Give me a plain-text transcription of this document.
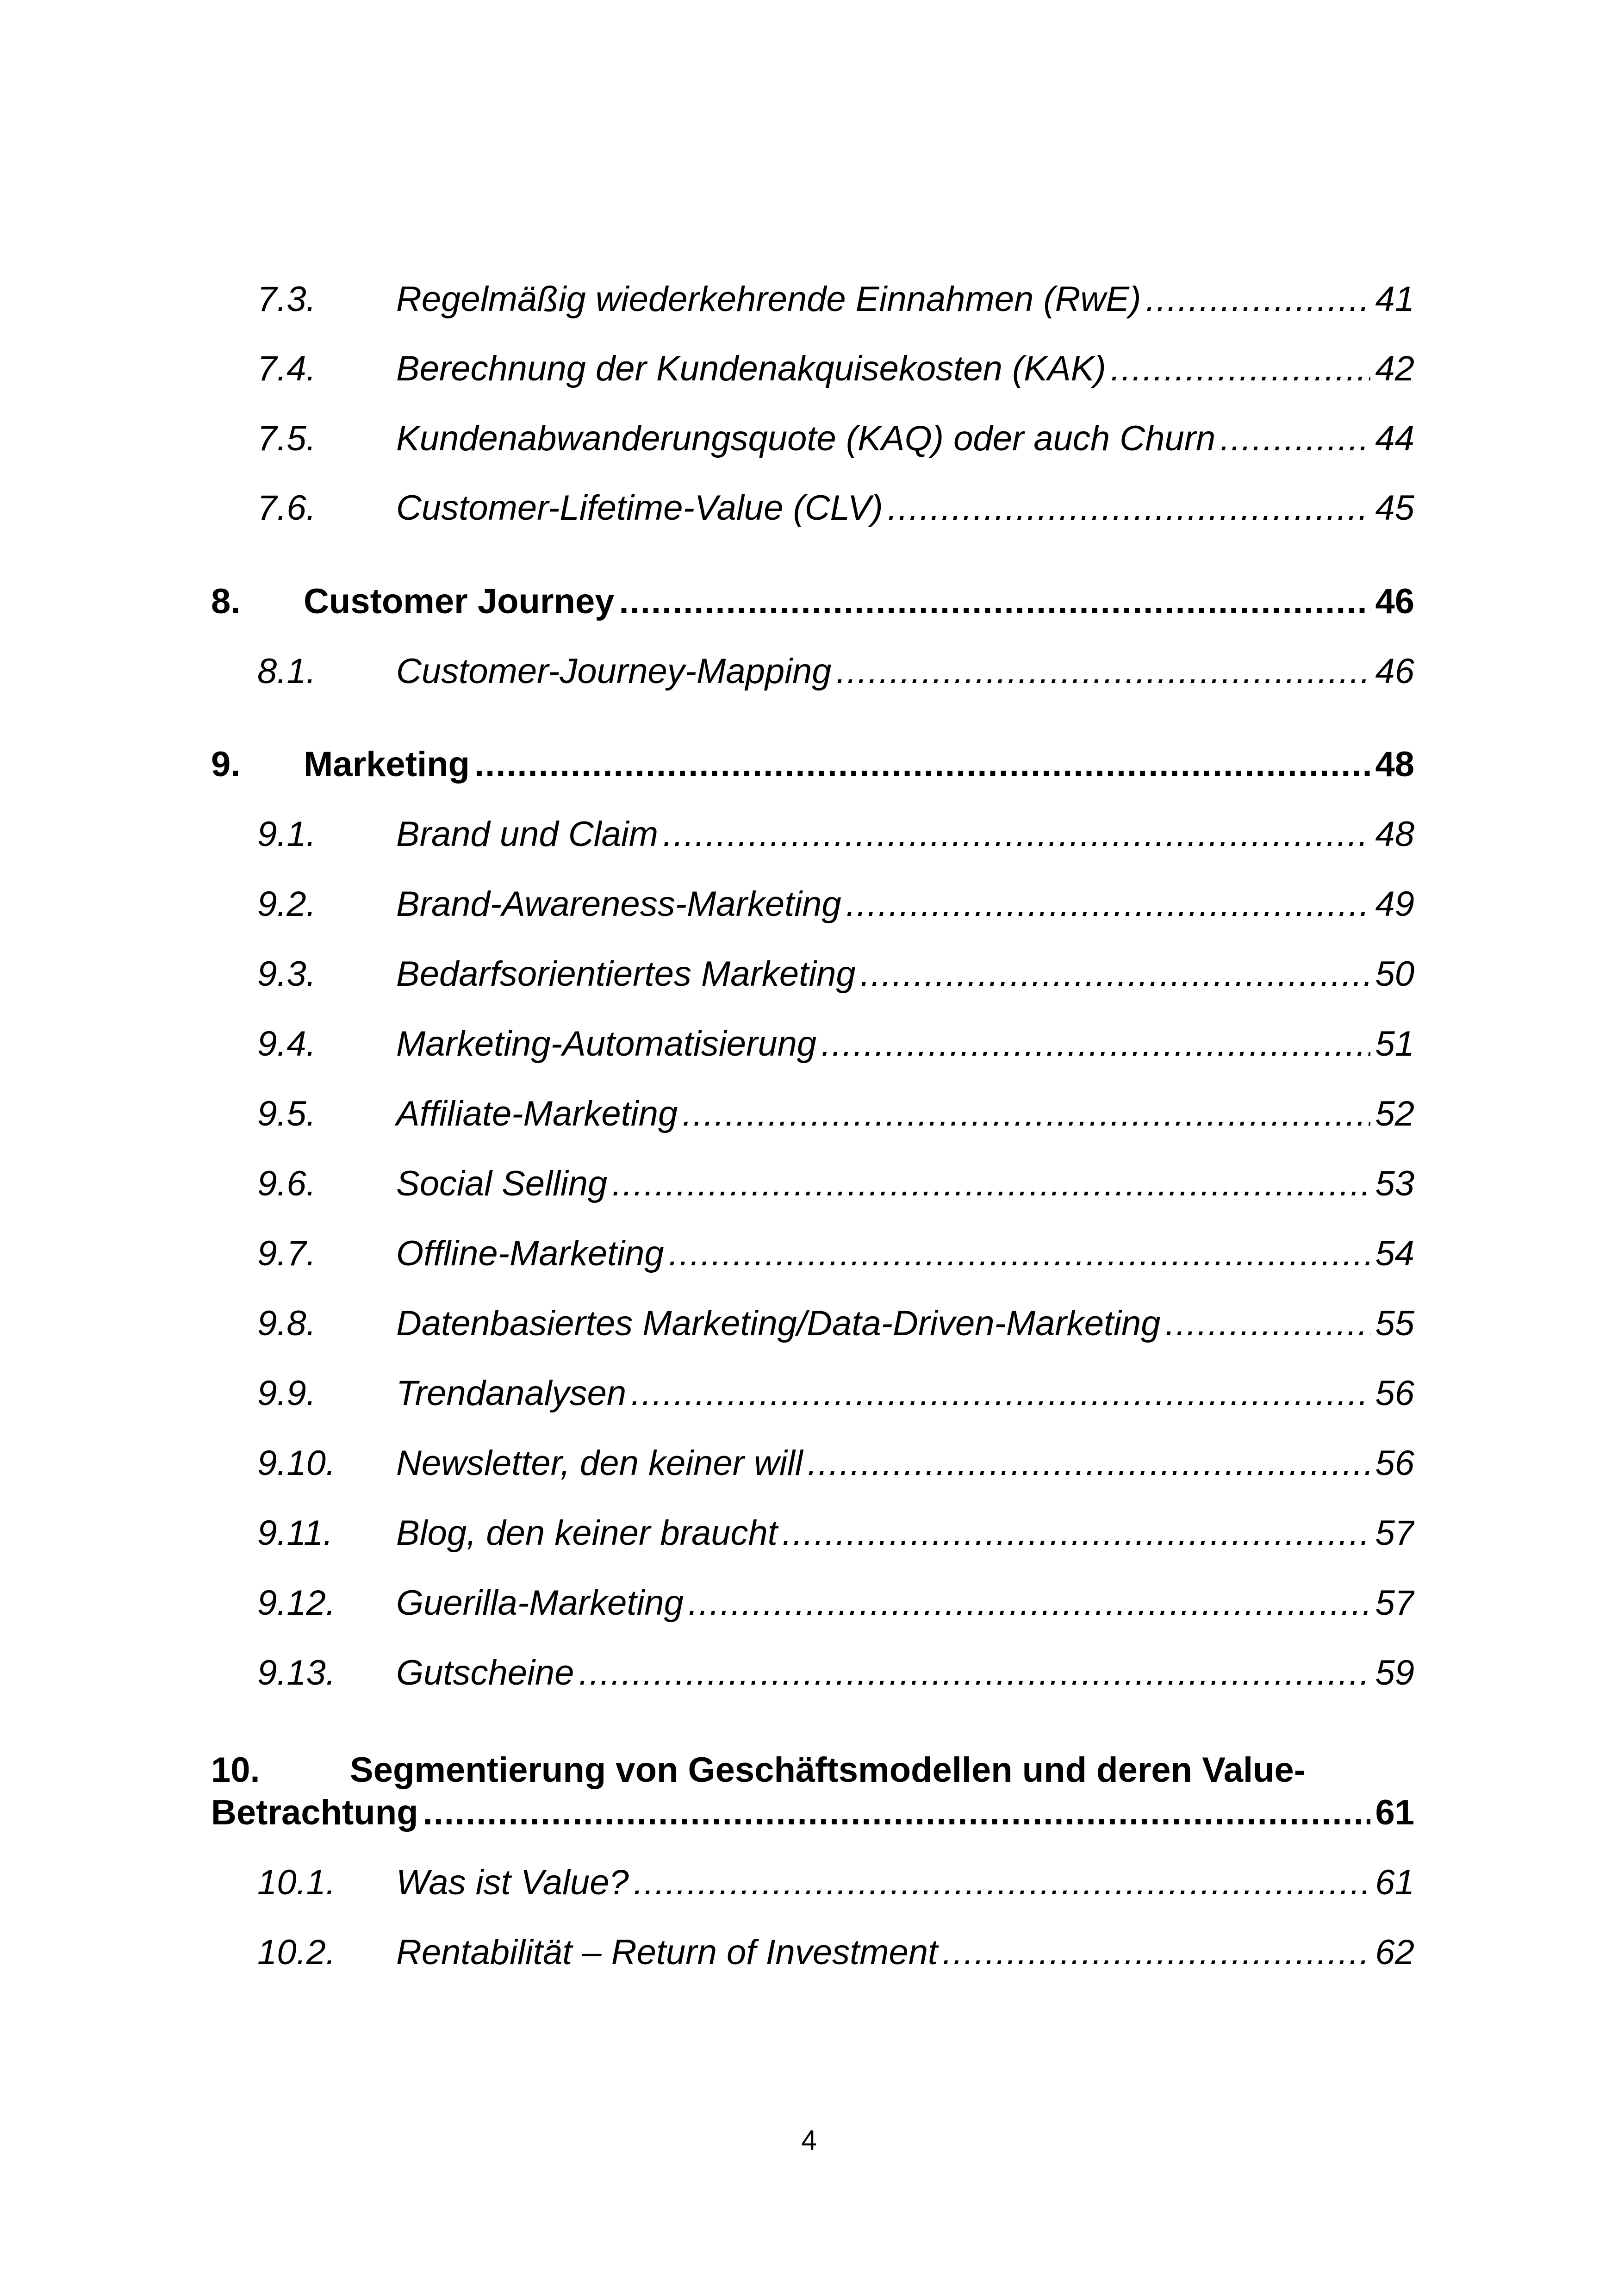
7.3.	Regelmäßig wiederkehrende Einnahmen (RwE) .....	41
7.4.	Berechnung der Kundenakquisekosten (KAK) .....	42
7.5.	Kundenabwanderungsquote (KAQ) oder auch Churn .....	44
7.6.	Customer-Lifetime-Value (CLV) .....	45
8.	Customer Journey .....	46
8.1.	Customer-Journey-Mapping .....	46
9.	Marketing .....	48
9.1.	Brand und Claim .....	48
9.2.	Brand-Awareness-Marketing .....	49
9.3.	Bedarfsorientiertes Marketing .....	50
9.4.	Marketing-Automatisierung .....	51
9.5.	Affiliate-Marketing .....	52
9.6.	Social Selling .....	53
9.7.	Offline-Marketing .....	54
9.8.	Datenbasiertes Marketing/Data-Driven-Marketing .....	55
9.9.	Trendanalysen .....	56
9.10.	Newsletter, den keiner will .....	56
9.11.	Blog, den keiner braucht .....	57
9.12.	Guerilla-Marketing .....	57
9.13.	Gutscheine .....	59
10.	Segmentierung von Geschäftsmodellen und deren Value-
Betrachtung .....	61
10.1.	Was ist Value? .....	61
10.2.	Rentabilität – Return of Investment .....	62
4
